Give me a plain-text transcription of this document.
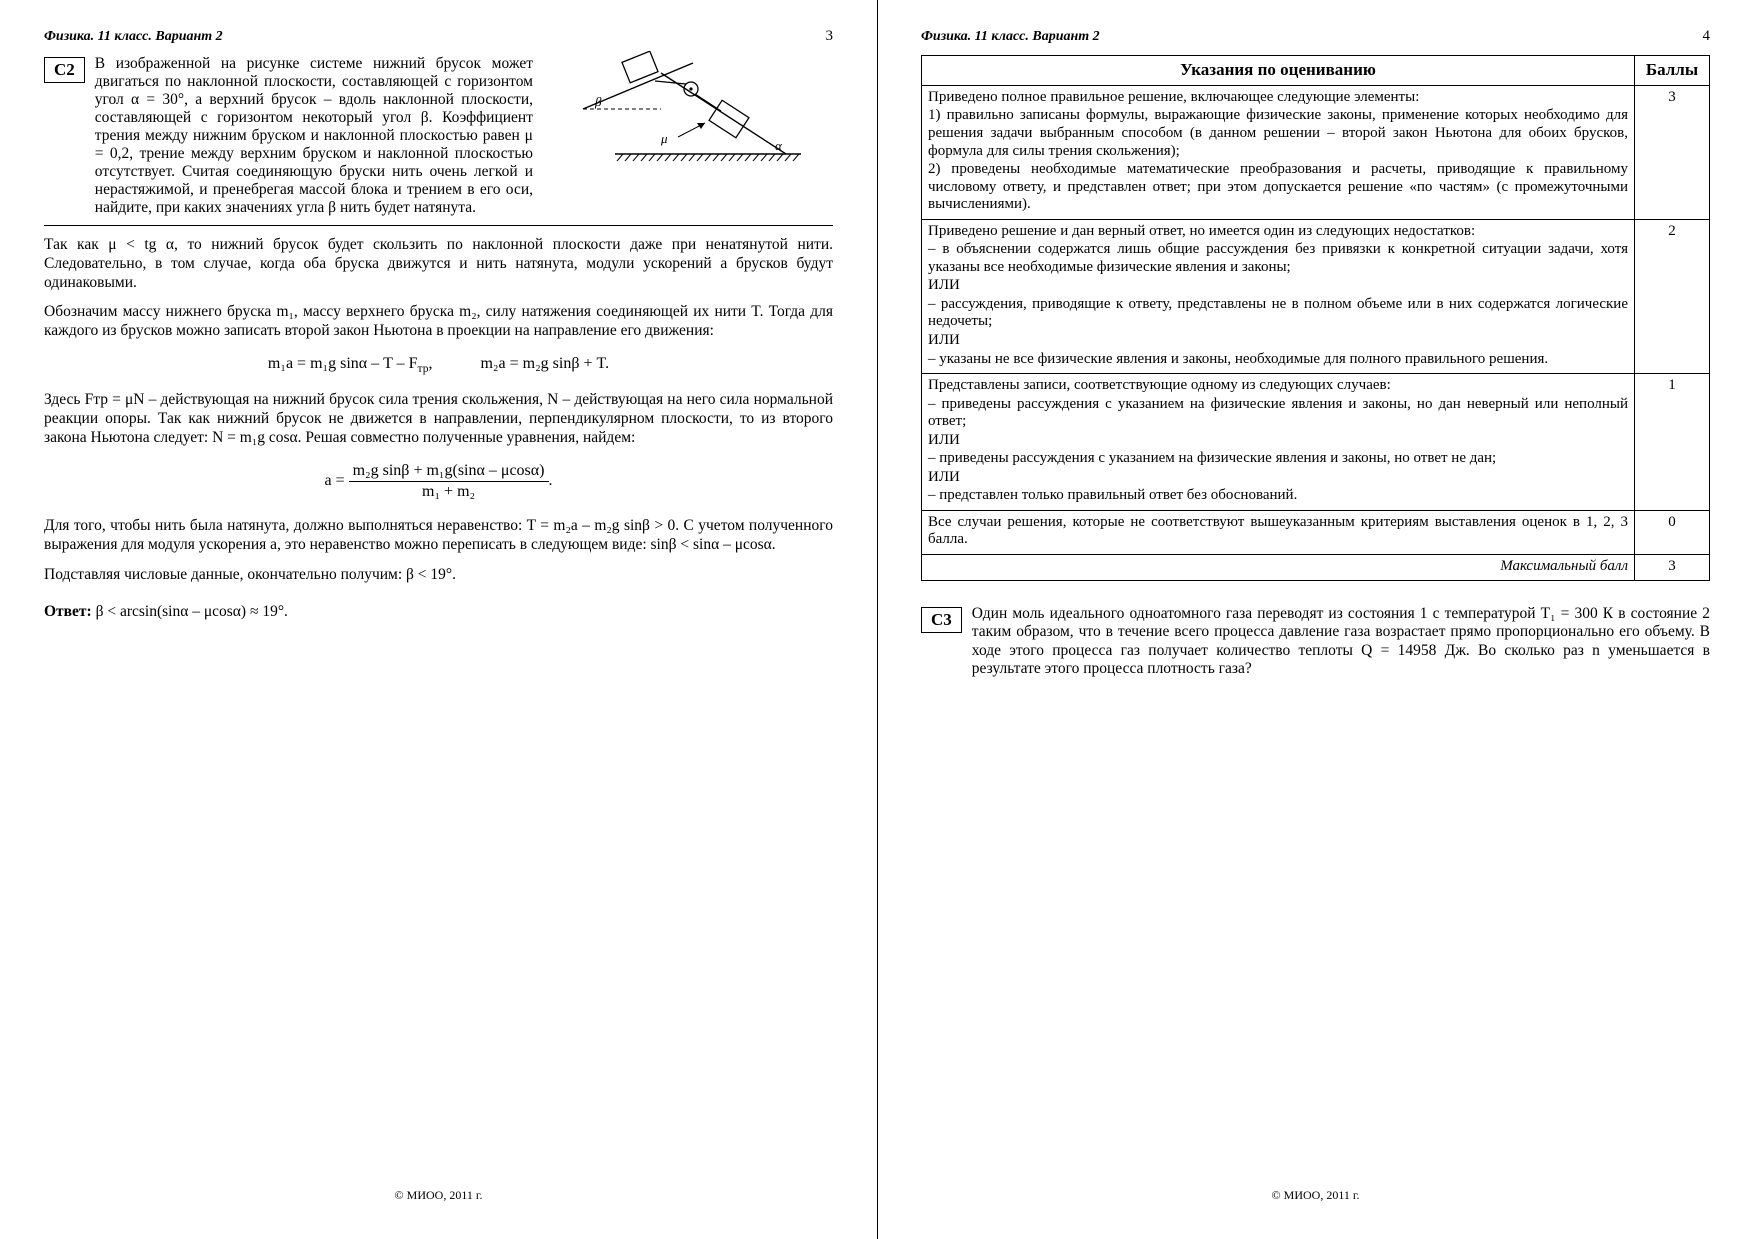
Физика. 11 класс. Вариант 2	3
C2
β
α
μ
В изображенной на рисунке системе нижний брусок может двигаться по наклонной плоскости, составляющей с горизонтом угол α = 30°, а верхний брусок – вдоль наклонной плоскости, составляющей с горизонтом некоторый угол β. Коэффициент трения между нижним бруском и наклонной плоскостью равен μ = 0,2, трение между верхним бруском и наклонной плоскостью отсутствует. Считая соединяющую бруски нить очень легкой и нерастяжимой, и пренебрегая массой блока и трением в его оси, найдите, при каких значениях угла β нить будет натянута.

Так как μ < tg α, то нижний брусок будет скользить по наклонной плоскости даже при ненатянутой нити. Следовательно, в том случае, когда оба бруска движутся и нить натянута, модули ускорений a брусков будут одинаковыми.

Обозначим массу нижнего бруска m₁, массу верхнего бруска m₂, силу натяжения соединяющей их нити T. Тогда для каждого из брусков можно записать второй закон Ньютона в проекции на направление его движения:

m₁a = m₁g sinα – T – $F_{тр}$,	m₂a = m₂g sinβ + T.

Здесь Fтр = μN – действующая на нижний брусок сила трения скольжения, N – действующая на него сила нормальной реакции опоры. Так как нижний брусок не движется в направлении, перпендикулярном плоскости, то из второго закона Ньютона следует: N = m₁g cosα. Решая совместно полученные уравнения, найдем:

$a = \frac{\text{m₂g sinβ + m₁g(sinα – μcosα)}}{\text{m₁ + m₂}}$ .

Для того, чтобы нить была натянута, должно выполняться неравенство: T = m₂a – m₂g sinβ > 0. С учетом полученного выражения для модуля ускорения a, это неравенство можно переписать в следующем виде: sinβ < sinα – μcosα.

Подставляя числовые данные, окончательно получим: β < 19°.

Ответ: β < arcsin(sinα – μcosα) ≈ 19°.
© МИОО, 2011 г.
Физика. 11 класс. Вариант 2	4
Указания по оцениванию	Баллы

Приведено полное правильное решение, включающее следующие элементы:

1) правильно записаны формулы, выражающие физические законы, применение которых необходимо для решения задачи выбранным способом (в данном решении – второй закон Ньютона для обоих брусков, формула для силы трения скольжения);

2) проведены необходимые математические преобразования и расчеты, приводящие к правильному числовому ответу, и представлен ответ; при этом допускается решение «по частям» (с промежуточными вычислениями).	3

Приведено решение и дан верный ответ, но имеется один из следующих недостатков:

– в объяснении содержатся лишь общие рассуждения без привязки к конкретной ситуации задачи, хотя указаны все необходимые физические явления и законы;

ИЛИ

– рассуждения, приводящие к ответу, представлены не в полном объеме или в них содержатся логические недочеты;

ИЛИ

– указаны не все физические явления и законы, необходимые для полного правильного решения.

	2

Представлены записи, соответствующие одному из следующих случаев:

– приведены рассуждения с указанием на физические явления и законы, но дан неверный или неполный ответ;

ИЛИ

– приведены рассуждения с указанием на физические явления и законы, но ответ не дан;

ИЛИ

– представлен только правильный ответ без обоснований.

	1

Все случаи решения, которые не соответствуют вышеуказанным критериям выставления оценок в 1, 2, 3 балла.	0
Максимальный балл	3
C3	Один моль идеального одноатомного газа переводят из состояния 1 с температурой T₁ = 300 К в состояние 2 таким образом, что в течение всего процесса давление газа возрастает прямо пропорционально его объему. В ходе этого процесса газ получает количество теплоты Q = 14958 Дж. Во сколько раз n уменьшается в результате этого процесса плотность газа?
© МИОО, 2011 г.
